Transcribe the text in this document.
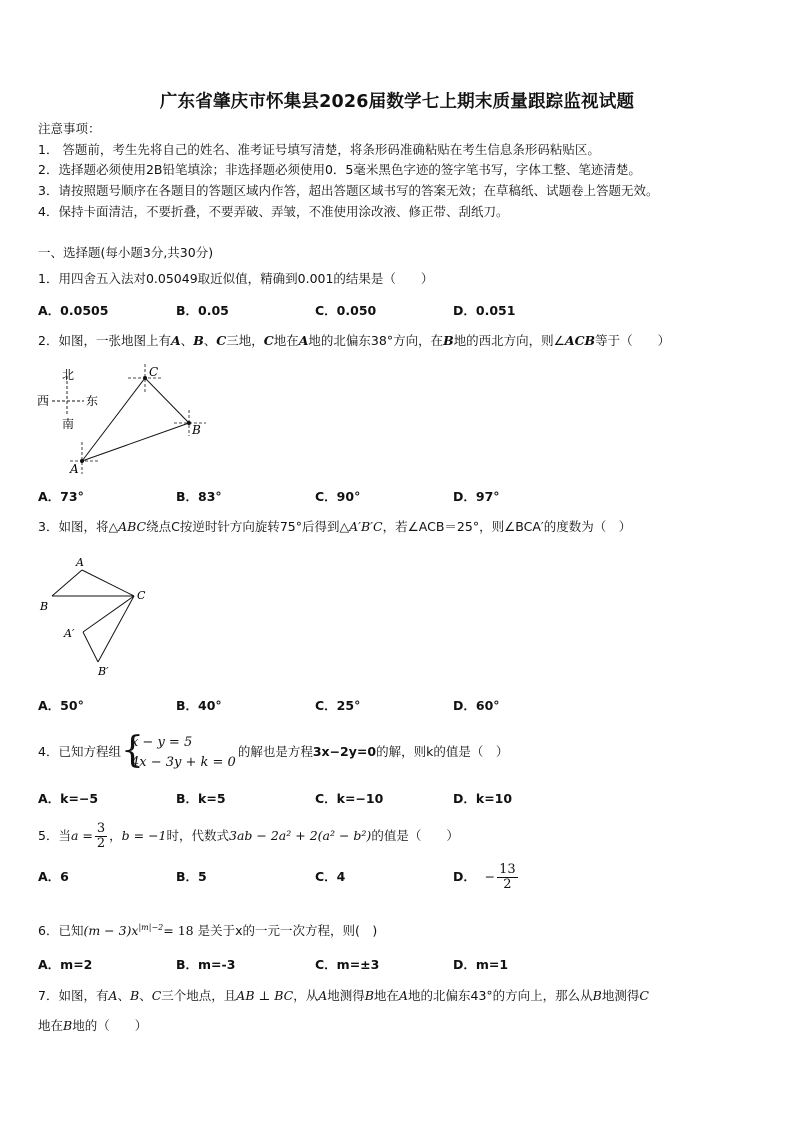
广东省肇庆市怀集县2026届数学七上期末质量跟踪监视试题
注意事项：
1． 答题前，考生先将自己的姓名、准考证号填写清楚，将条形码准确粘贴在考生信息条形码粘贴区。
2．选择题必须使用2B铅笔填涂；非选择题必须使用0．5毫米黑色字迹的签字笔书写，字体工整、笔迹清楚。
3．请按照题号顺序在各题目的答题区域内作答，超出答题区域书写的答案无效；在草稿纸、试题卷上答题无效。
4．保持卡面清洁，不要折叠，不要弄破、弄皱，不准使用涂改液、修正带、刮纸刀。
一、选择题(每小题3分,共30分)
1．用四舍五入法对0.05049取近似值，精确到0.001的结果是（　　）
A．0.0505	B．0.05	C．0.050	D．0.051
2．如图，一张地图上有A、B、C三地，C地在A地的北偏东38°方向，在B地的西北方向，则∠ACB等于（　　）
北
南
西	东
A
C
B
A．73°	B．83°	C．90°	D．97°
3．如图，将△ABC绕点C按逆时针方向旋转75°后得到△A′B′C，若∠ACB＝25°，则∠BCA′的度数为（　）
A
B
C
A′
B′
A．50°	B．40°	C．25°	D．60°
4．已知方程组 {
x − y = 5
4x − 3y + k = 0
的解也是方程3x−2y=0的解，则k的值是（　）
A．k=−5	B．k=5	C．k=−10	D．k=10
5．当$a = \frac{3}{2}$ ，b = −1时，代数式3ab − 2a² + 2(a² − b²)的值是（　　）
A．6	B．5	C．4	D． − $\frac{13}{2}$
6．已知$(m - 3)x^{|m|-2}= 18$ 是关于x的一元一次方程，则(　)
A．m=2	B．m=-3	C．m=±3	D．m=1
7．如图，有A、B、C三个地点，且AB ⊥ BC，从A地测得B地在A地的北偏东43°的方向上，那么从B地测得C
地在B地的（　　）
